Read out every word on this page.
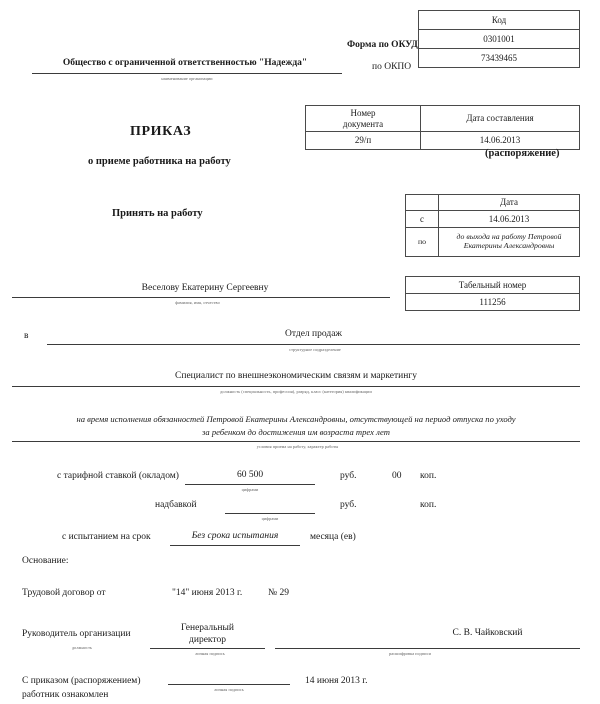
Код
0301001
73439465
Форма по ОКУД
по ОКПО
Общество с ограниченной ответственностью "Надежда"
наименование организации
Номер
документа	Дата составления
29/п	14.06.2013
ПРИКАЗ
о приеме работника на работу
(распоряжение)
Принять на работу
	Дата
с	14.06.2013
по	до выхода на работу Петровой
Екатерины Александровны
Веселову Екатерину Сергеевну
фамилия, имя, отчество
Табельный номер
111256
в	Отдел продаж
структурное подразделение
Специалист по внешнеэкономическим связям и маркетингу
должность (специальность, профессия), разряд, класс (категория) квалификации
на время исполнения обязанностей Петровой Екатерины Александровны, отсутствующей на период отпуска по уходу
за ребенком до достижения им возраста трех лет
условия приема на работу, характер работы
с тарифной ставкой (окладом)	60 500
цифрами
руб.	00 коп.
надбавкой
цифрами
руб.	коп.
с испытанием на срок	Без срока испытания	месяца (ев)
Основание:
Трудовой договор от	"14" июня 2013 г.	№ 29
Руководитель организации
должность
Генеральный
директор
личная подпись
С. В. Чайковский
расшифровка подписи
С приказом (распоряжением)
работник ознакомлен
личная подпись
14 июня 2013 г.
